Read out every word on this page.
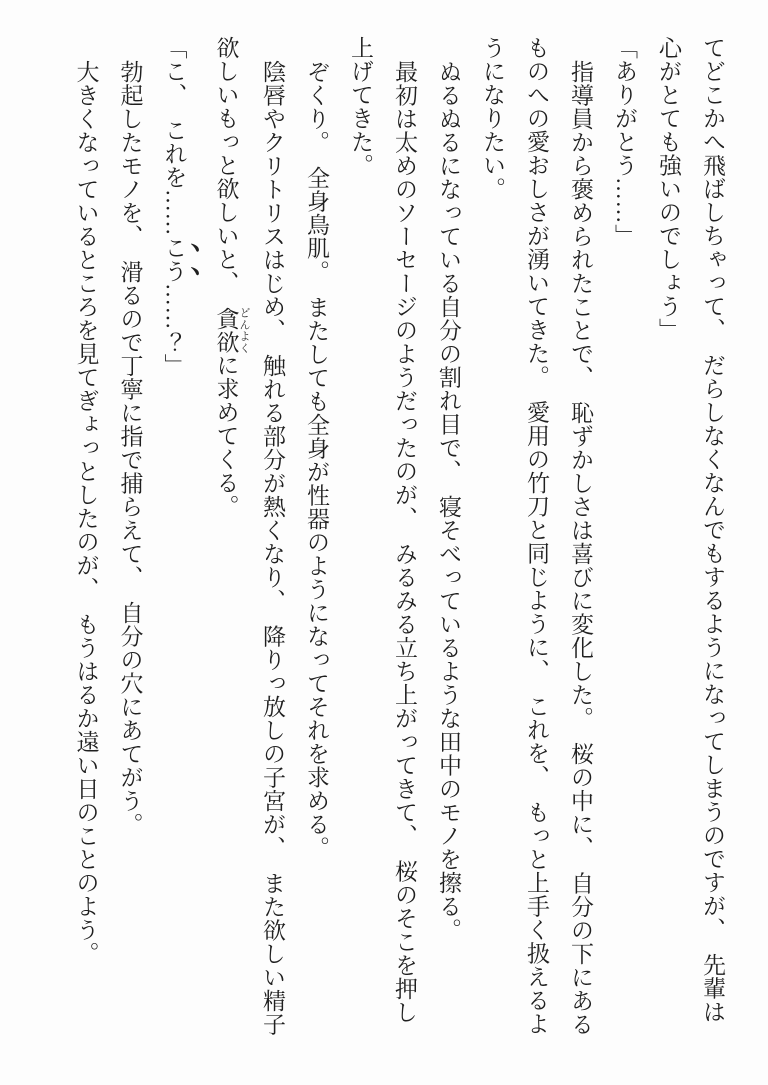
てどこかへ飛ばしちゃって、　だらしなくなんでもするようになってしまうのですが、　先輩は

心がとても強いのでしょう」

「ありがとう……」

指導員から褒められたことで、　恥ずかしさは喜びに変化した。　桜の中に、　自分の下にある

ものへの愛おしさが湧いてきた。　愛用の竹刀と同じように、　これを、　もっと上手く扱えるよ

うになりたい。

ぬるぬるになっている自分の割れ目で、　寝そべっているような田中のモノを擦る。

最初は太めのソーセージのようだったのが、　みるみる立ち上がってきて、　桜のそこを押し

上げてきた。

ぞくり。　全身鳥肌。　またしても全身が性器のようになってそれを求める。

陰唇やクリトリスはじめ、　触れる部分が熱くなり、　降りっ放しの子宮が、　また欲しい精子

欲しいもっと欲しいと、　貪欲 どんよくに求めてくる。

「こ、　これを……こう……？」

勃起したモノを、　滑るので丁寧に指で捕らえて、　自分の穴にあてがう。

大きくなっているところを見てぎょっとしたのが、　もうはるか遠い日のことのよう。
